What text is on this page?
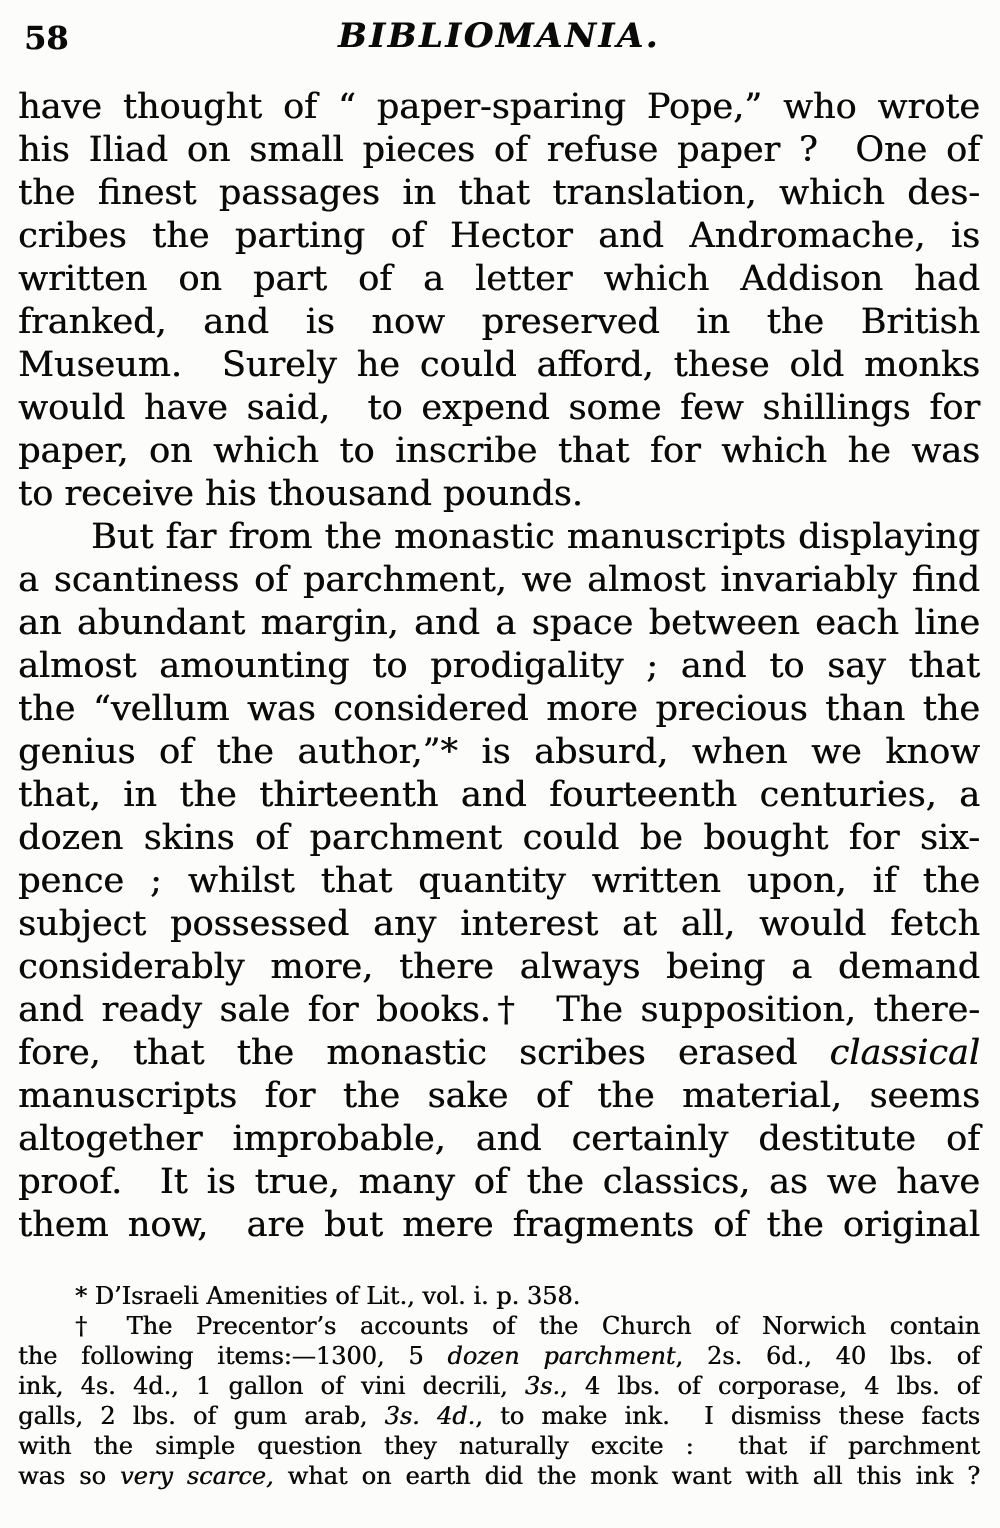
58	BIBLIOMANIA.
have thought of “ paper-sparing Pope,” who wrote
his Iliad on small pieces of refuse paper ?  One of
the finest passages in that translation, which des-
cribes the parting of Hector and Andromache, is
written on part of a letter which Addison had
franked, and is now preserved in the British
Museum.  Surely he could afford, these old monks
would have said,  to expend some few shillings for
paper, on which to inscribe that for which he was
to receive his thousand pounds.
But far from the monastic manuscripts displaying
a scantiness of parchment, we almost invariably find
an abundant margin, and a space between each line
almost amounting to prodigality ; and to say that
the “vellum was considered more precious than the
genius of the author,”* is absurd, when we know
that, in the thirteenth and fourteenth centuries, a
dozen skins of parchment could be bought for six-
pence ; whilst that quantity written upon, if the
subject possessed any interest at all, would fetch
considerably more, there always being a demand
and ready sale for books.†  The supposition, there-
fore, that the monastic scribes erased classical
manuscripts for the sake of the material, seems
altogether improbable, and certainly destitute of
proof.  It is true, many of the classics, as we have
them now,  are but mere fragments of the original
* D’Israeli Amenities of Lit., vol. i. p. 358.
† The Precentor’s accounts of the Church of Norwich contain
the following items:—1300, 5 dozen parchment, 2s. 6d., 40 lbs. of
ink, 4s. 4d., 1 gallon of vini decrili, 3s., 4 lbs. of corporase, 4 lbs. of
galls, 2 lbs. of gum arab, 3s. 4d., to make ink.  I dismiss these facts
with the simple question they naturally excite :  that if parchment
was so very scarce, what on earth did the monk want with all this ink ?
